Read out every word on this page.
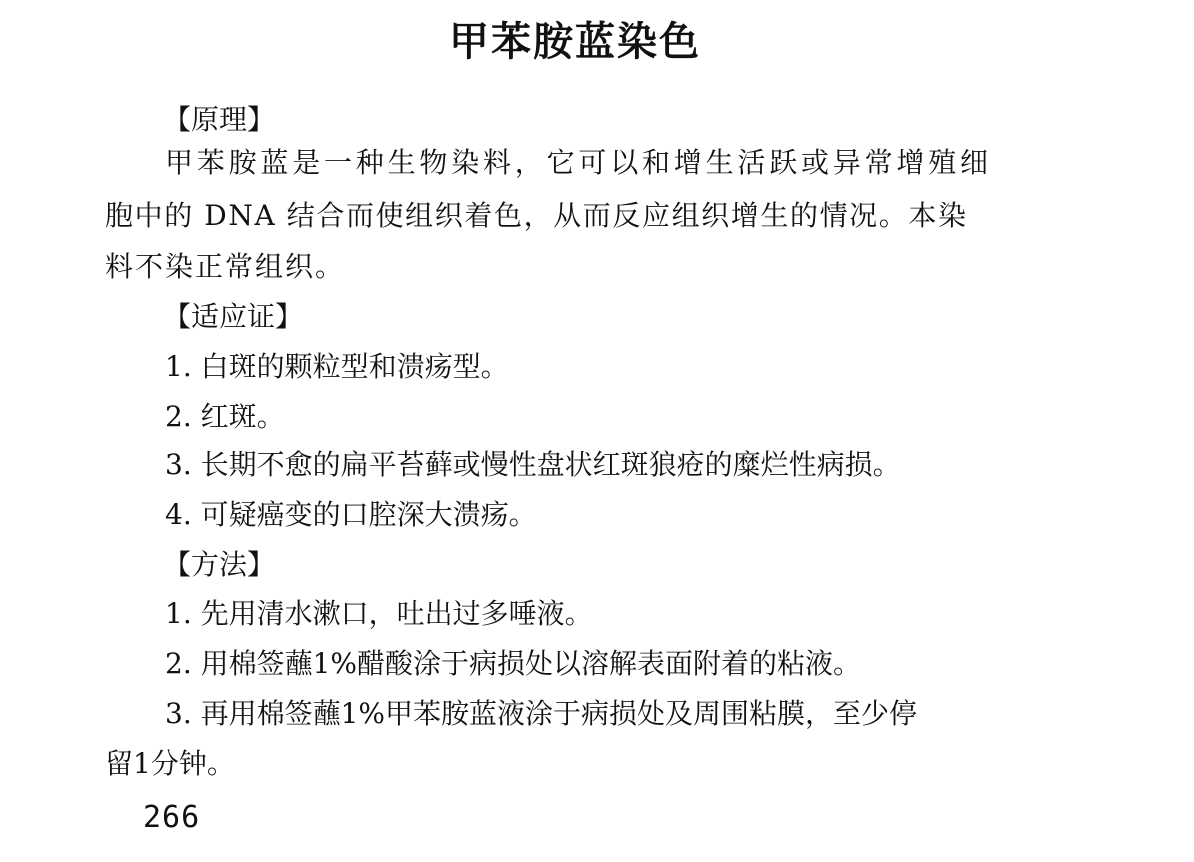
甲苯胺蓝染色
【原理】
甲苯胺蓝是一种生物染料，它可以和增生活跃或异常增殖细
胞中的 DNA 结合而使组织着色，从而反应组织增生的情况。本染
料不染正常组织。
【适应证】
1. 白斑的颗粒型和溃疡型。
2. 红斑。
3. 长期不愈的扁平苔藓或慢性盘状红斑狼疮的糜烂性病损。
4. 可疑癌变的口腔深大溃疡。
【方法】
1. 先用清水漱口，吐出过多唾液。
2. 用棉签蘸1%醋酸涂于病损处以溶解表面附着的粘液。
3. 再用棉签蘸1%甲苯胺蓝液涂于病损处及周围粘膜，至少停
留1分钟。
266
